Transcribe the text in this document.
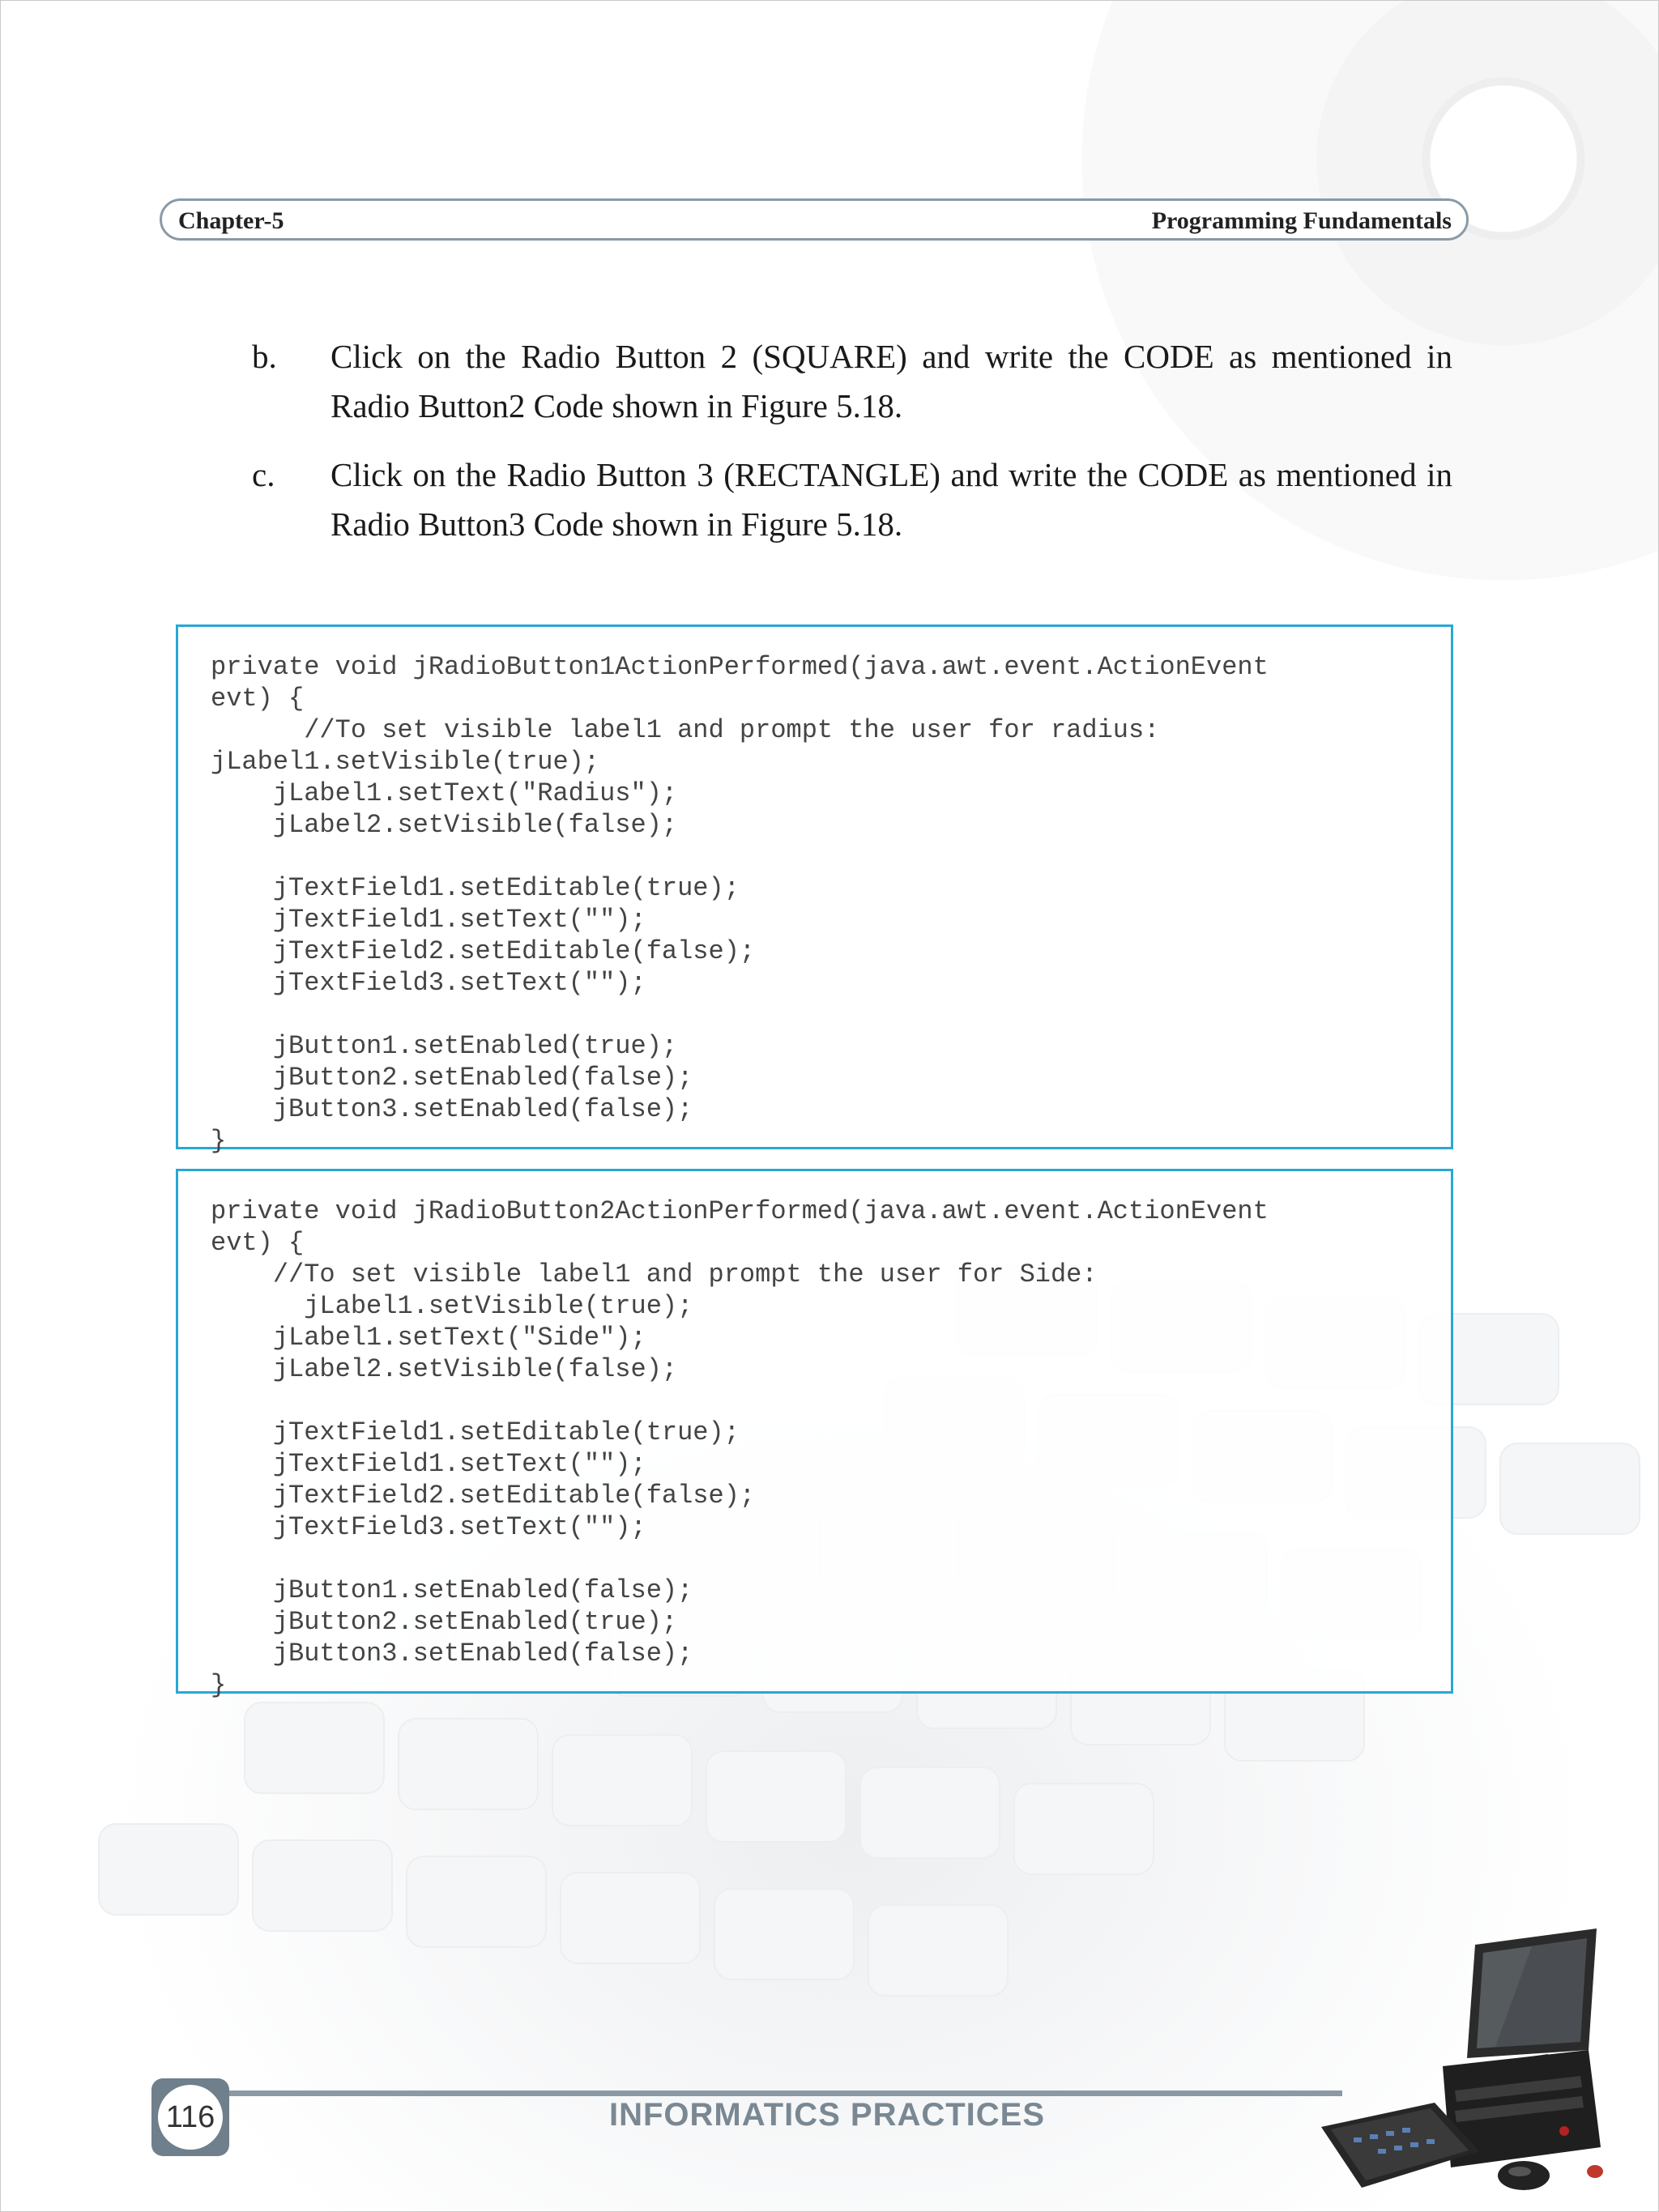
Chapter-5	Programming Fundamentals
b. Click on the Radio Button 2 (SQUARE) and write the CODE as mentioned in Radio Button2 Code shown in Figure 5.18.
c. Click on the Radio Button 3 (RECTANGLE) and write the CODE as mentioned in Radio Button3 Code shown in Figure 5.18.
private void jRadioButton1ActionPerformed(java.awt.event.ActionEvent
evt) {
//To set visible label1 and prompt the user for radius:
jLabel1.setVisible(true);
jLabel1.setText("Radius");
jLabel2.setVisible(false);

jTextField1.setEditable(true);
jTextField1.setText("");
jTextField2.setEditable(false);
jTextField3.setText("");

jButton1.setEnabled(true);
jButton2.setEnabled(false);
jButton3.setEnabled(false);
}
private void jRadioButton2ActionPerformed(java.awt.event.ActionEvent
evt) {
//To set visible label1 and prompt the user for Side:
jLabel1.setVisible(true);
jLabel1.setText("Side");
jLabel2.setVisible(false);

jTextField1.setEditable(true);
jTextField1.setText("");
jTextField2.setEditable(false);
jTextField3.setText("");

jButton1.setEnabled(false);
jButton2.setEnabled(true);
jButton3.setEnabled(false);
}
116	INFORMATICS PRACTICES
